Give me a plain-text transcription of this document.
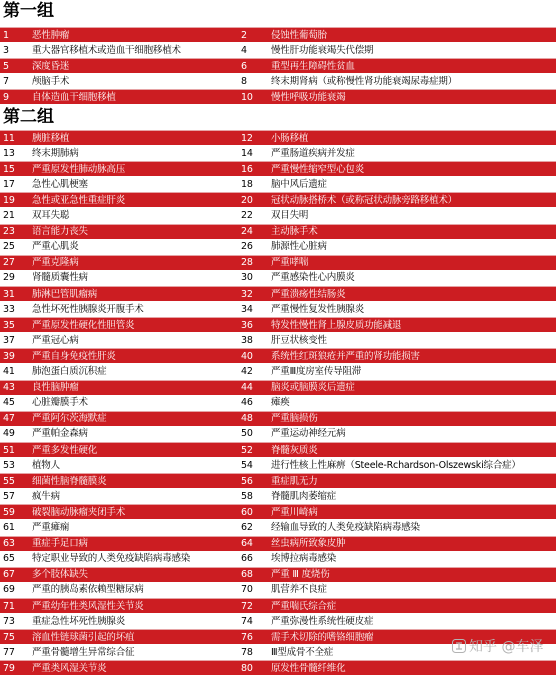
第一组
1	恶性肿瘤	2	侵蚀性葡萄胎
3	重大器官移植术或造血干细胞移植术	4	慢性肝功能衰竭失代偿期
5	深度昏迷	6	重型再生障碍性贫血
7	颅脑手术	8	终末期肾病（或称慢性肾功能衰竭尿毒症期）
9	自体造血干细胞移植	10	慢性呼吸功能衰竭
第二组
11	胰脏移植	12	小肠移植
13	终末期肺病	14	严重肠道疾病并发症
15	严重原发性肺动脉高压	16	严重慢性缩窄型心包炎
17	急性心肌梗塞	18	脑中风后遗症
19	急性或亚急性重症肝炎	20	冠状动脉搭桥术（或称冠状动脉旁路移植术）
21	双耳失聪	22	双目失明
23	语言能力丧失	24	主动脉手术
25	严重心肌炎	26	肺源性心脏病
27	严重克隆病	28	严重哮喘
29	肾髓质囊性病	30	严重感染性心内膜炎
31	肺淋巴管肌瘤病	32	严重溃疡性结肠炎
33	急性坏死性胰腺炎开腹手术	34	严重慢性复发性胰腺炎
35	严重原发性硬化性胆管炎	36	特发性慢性肾上腺皮质功能减退
37	严重冠心病	38	肝豆状核变性
39	严重自身免疫性肝炎	40	系统性红斑狼疮并严重的肾功能损害
41	肺泡蛋白质沉积症	42	严重Ⅲ度房室传导阻滞
43	良性脑肿瘤	44	脑炎或脑膜炎后遗症
45	心脏瓣膜手术	46	瘫痪
47	严重阿尔茨海默症	48	严重脑损伤
49	严重帕金森病	50	严重运动神经元病
51	严重多发性硬化	52	脊髓灰质炎
53	植物人	54	进行性核上性麻痹（Steele-Rchardson-Olszewski综合症）
55	细菌性脑脊髓膜炎	56	重症肌无力
57	疯牛病	58	脊髓肌肉萎缩症
59	破裂脑动脉瘤夹闭手术	60	严重川崎病
61	严重瘫痫	62	经输血导致的人类免疫缺陷病毒感染
63	重症手足口病	64	丝虫病所致象皮肿
65	特定职业导致的人类免疫缺陷病毒感染	66	埃博拉病毒感染
67	多个肢体缺失	68	严重 Ⅲ 度烧伤
69	严重的胰岛素依赖型糖尿病	70	肌营养不良症
71	严重幼年性类风湿性关节炎	72	严重喘氏综合症
73	重症急性坏死性胰腺炎	74	严重弥漫性系统性硬皮症
75	溶血性链球菌引起的坏疽	76	需手术切除的嗜铬细胞瘤
77	严重骨髓增生异常综合征	78	Ⅲ型成骨不全症
79	严重类风湿关节炎	80	原发性骨髓纤维化
知乎 @车泽
